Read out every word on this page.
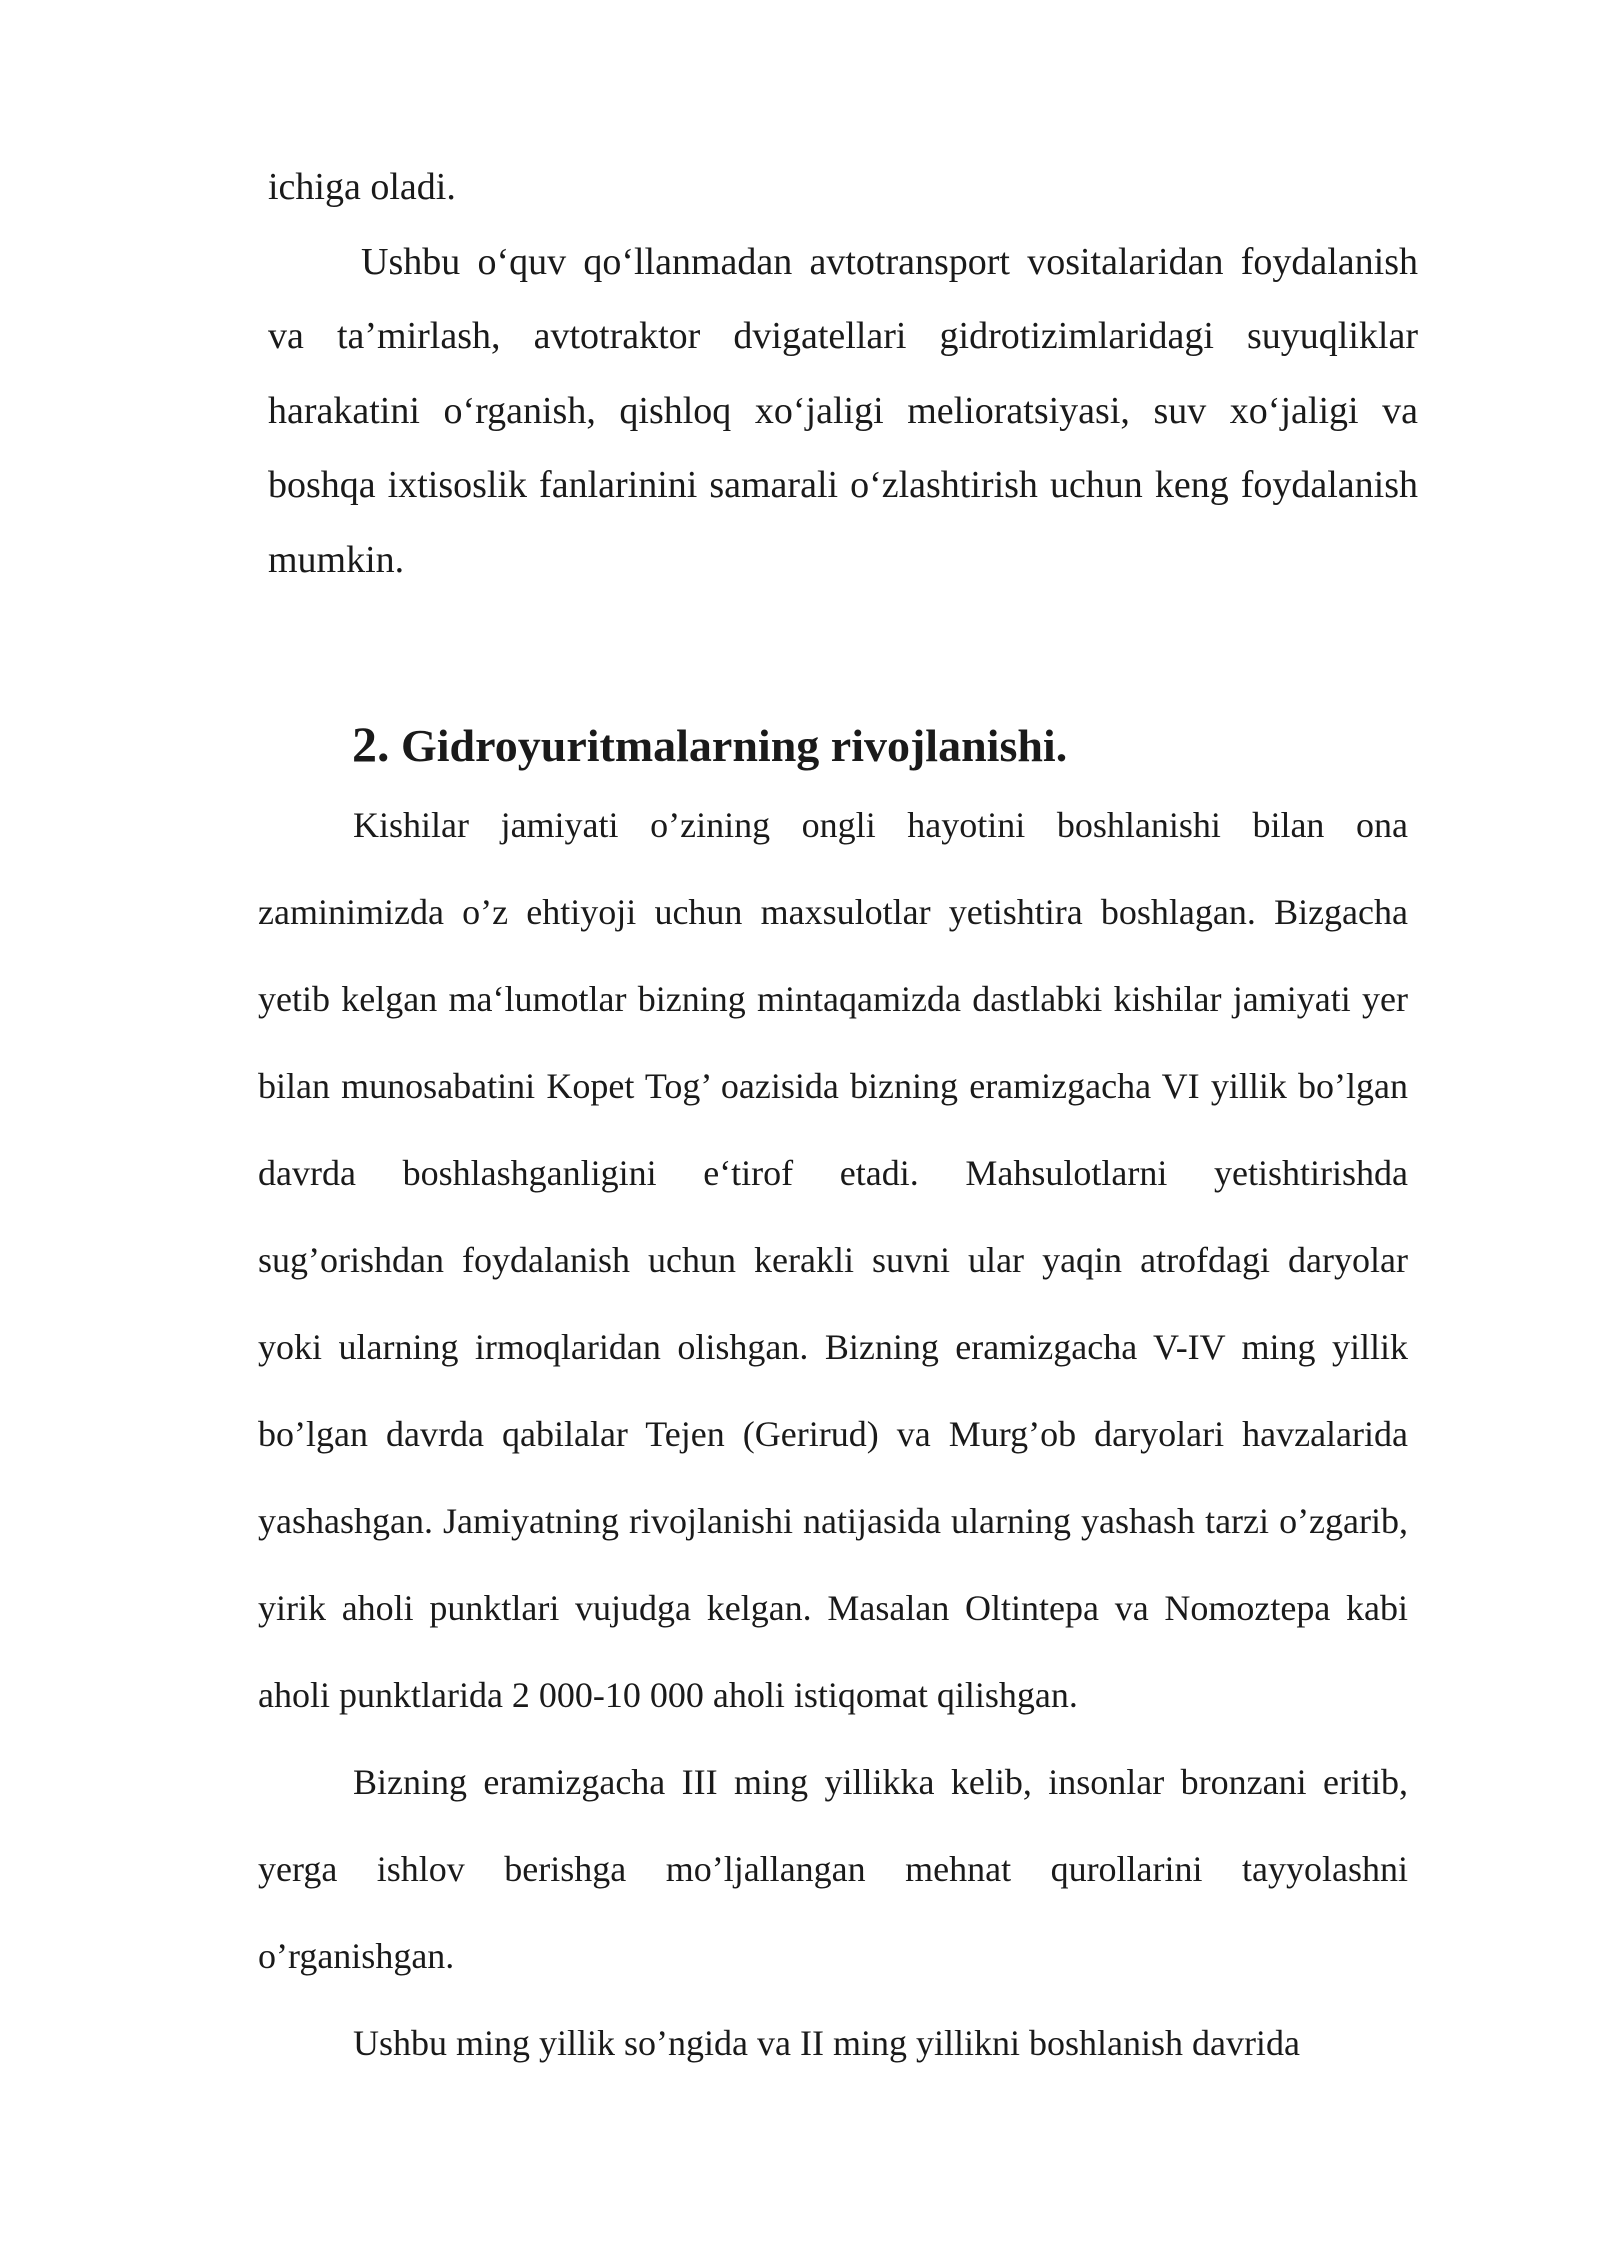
ichiga oladi.

Ushbu o‘quv qo‘llanmadan avtotransport vositalaridan foydalanish va ta’mirlash, avtotraktor dvigatellari gidrotizimlaridagi suyuqliklar harakatini o‘rganish, qishloq xo‘jaligi melioratsiyasi, suv xo‘jaligi va boshqa ixtisoslik fanlarinini samarali o‘zlashtirish uchun keng foydalanish mumkin.

2. Gidroyuritmalarning rivojlanishi.

Kishilar jamiyati o’zining ongli hayotini boshlanishi bilan ona zaminimizda o’z ehtiyoji uchun maxsulotlar yetishtira boshlagan. Bizgacha yetib kelgan ma‘lumotlar bizning mintaqamizda dastlabki kishilar jamiyati yer bilan munosabatini Kopet Tog’ oazisida bizning eramizgacha VI yillik bo’lgan davrda boshlashganligini e‘tirof etadi. Mahsulotlarni yetishtirishda sug’orishdan foydalanish uchun kerakli suvni ular yaqin atrofdagi daryolar yoki ularning irmoqlaridan olishgan. Bizning eramizgacha V-IV ming yillik bo’lgan davrda qabilalar Tejen (Gerirud) va Murg’ob daryolari havzalarida yashashgan. Jamiyatning rivojlanishi natijasida ularning yashash tarzi o’zgarib, yirik aholi punktlari vujudga kelgan. Masalan Oltintepa va Nomoztepa kabi aholi punktlarida 2 000-10 000 aholi istiqomat qilishgan.

Bizning eramizgacha III ming yillikka kelib, insonlar bronzani eritib, yerga ishlov berishga mo’ljallangan mehnat qurollarini tayyolashni o’rganishgan.

Ushbu ming yillik so’ngida va II ming yillikni boshlanish davrida
